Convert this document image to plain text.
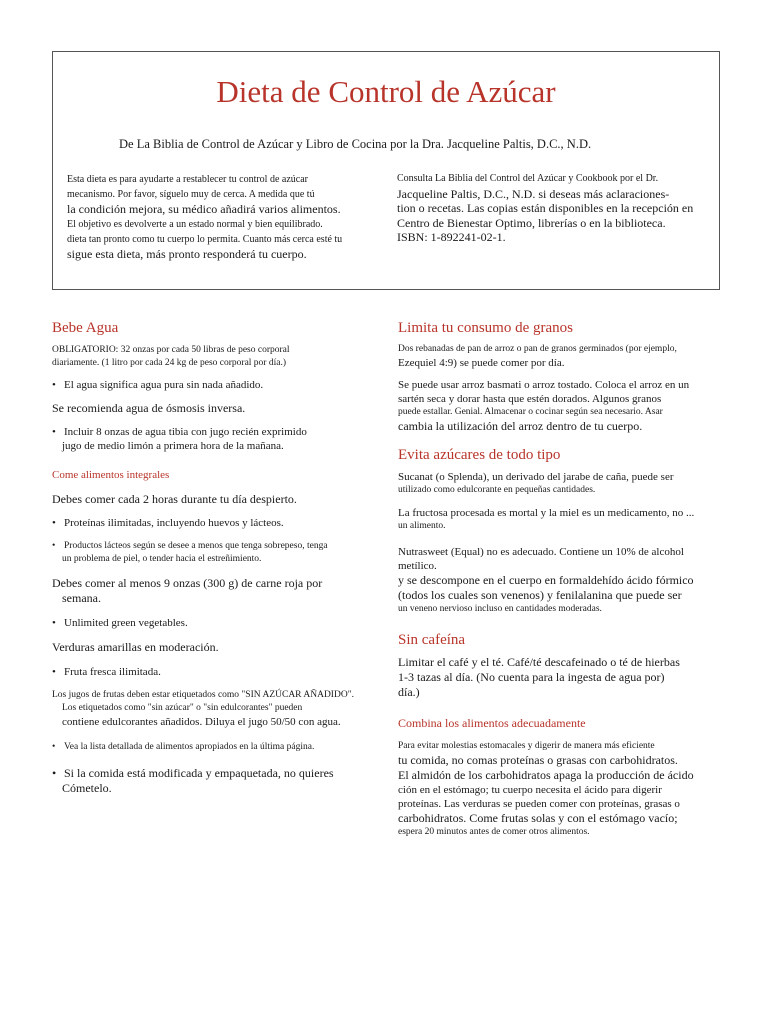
Dieta de Control de Azúcar
De La Biblia de Control de Azúcar y Libro de Cocina por la Dra. Jacqueline Paltis, D.C., N.D.
Esta dieta es para ayudarte a restablecer tu control de azúcar
mecanismo. Por favor, síguelo muy de cerca. A medida que tú
la condición mejora, su médico añadirá varios alimentos.
El objetivo es devolverte a un estado normal y bien equilibrado.
dieta tan pronto como tu cuerpo lo permita. Cuanto más cerca esté tu
sigue esta dieta, más pronto responderá tu cuerpo.
Consulta La Biblia del Control del Azúcar y Cookbook por el Dr.
Jacqueline Paltis, D.C., N.D. si deseas más aclaraciones-
tion o recetas. Las copias están disponibles en la recepción en
Centro de Bienestar Optimo, librerías o en la biblioteca.
ISBN: 1-892241-02-1.
Bebe Agua

OBLIGATORIO: 32 onzas por cada 50 libras de peso corporal
diariamente. (1 litro por cada 24 kg de peso corporal por día.)

• El agua significa agua pura sin nada añadido.

Se recomienda agua de ósmosis inversa.

• Incluir 8 onzas de agua tibia con jugo recién exprimido
jugo de medio limón a primera hora de la mañana.

Come alimentos integrales

Debes comer cada 2 horas durante tu día despierto.

• Proteínas ilimitadas, incluyendo huevos y lácteos.

• Productos lácteos según se desee a menos que tenga sobrepeso, tenga
un problema de piel, o tender hacia el estreñimiento.

Debes comer al menos 9 onzas (300 g) de carne roja por
semana.

• Unlimited green vegetables.

Verduras amarillas en moderación.

• Fruta fresca ilimitada.

Los jugos de frutas deben estar etiquetados como "SIN AZÚCAR AÑADIDO".
Los etiquetados como "sin azúcar" o "sin edulcorantes" pueden
contiene edulcorantes añadidos. Diluya el jugo 50/50 con agua.

• Vea la lista detallada de alimentos apropiados en la última página.

• Si la comida está modificada y empaquetada, no quieres
Cómetelo.

Limita tu consumo de granos

Dos rebanadas de pan de arroz o pan de granos germinados (por ejemplo,
Ezequiel 4:9) se puede comer por día.

Se puede usar arroz basmati o arroz tostado. Coloca el arroz en un
sartén seca y dorar hasta que estén dorados. Algunos granos
puede estallar. Genial. Almacenar o cocinar según sea necesario. Asar
cambia la utilización del arroz dentro de tu cuerpo.

Evita azúcares de todo tipo

Sucanat (o Splenda), un derivado del jarabe de caña, puede ser
utilizado como edulcorante en pequeñas cantidades.

La fructosa procesada es mortal y la miel es un medicamento, no ...
un alimento.

Nutrasweet (Equal) no es adecuado. Contiene un 10% de alcohol metílico.
y se descompone en el cuerpo en formaldehído ácido fórmico
(todos los cuales son venenos) y fenilalanina que puede ser
un veneno nervioso incluso en cantidades moderadas.

Sin cafeína

Limitar el café y el té. Café/té descafeinado o té de hierbas
1-3 tazas al día. (No cuenta para la ingesta de agua por)
día.)

Combina los alimentos adecuadamente

Para evitar molestias estomacales y digerir de manera más eficiente
tu comida, no comas proteínas o grasas con carbohidratos.
El almidón de los carbohidratos apaga la producción de ácido
ción en el estómago; tu cuerpo necesita el ácido para digerir
proteínas. Las verduras se pueden comer con proteínas, grasas o
carbohidratos. Come frutas solas y con el estómago vacío;
espera 20 minutos antes de comer otros alimentos.
